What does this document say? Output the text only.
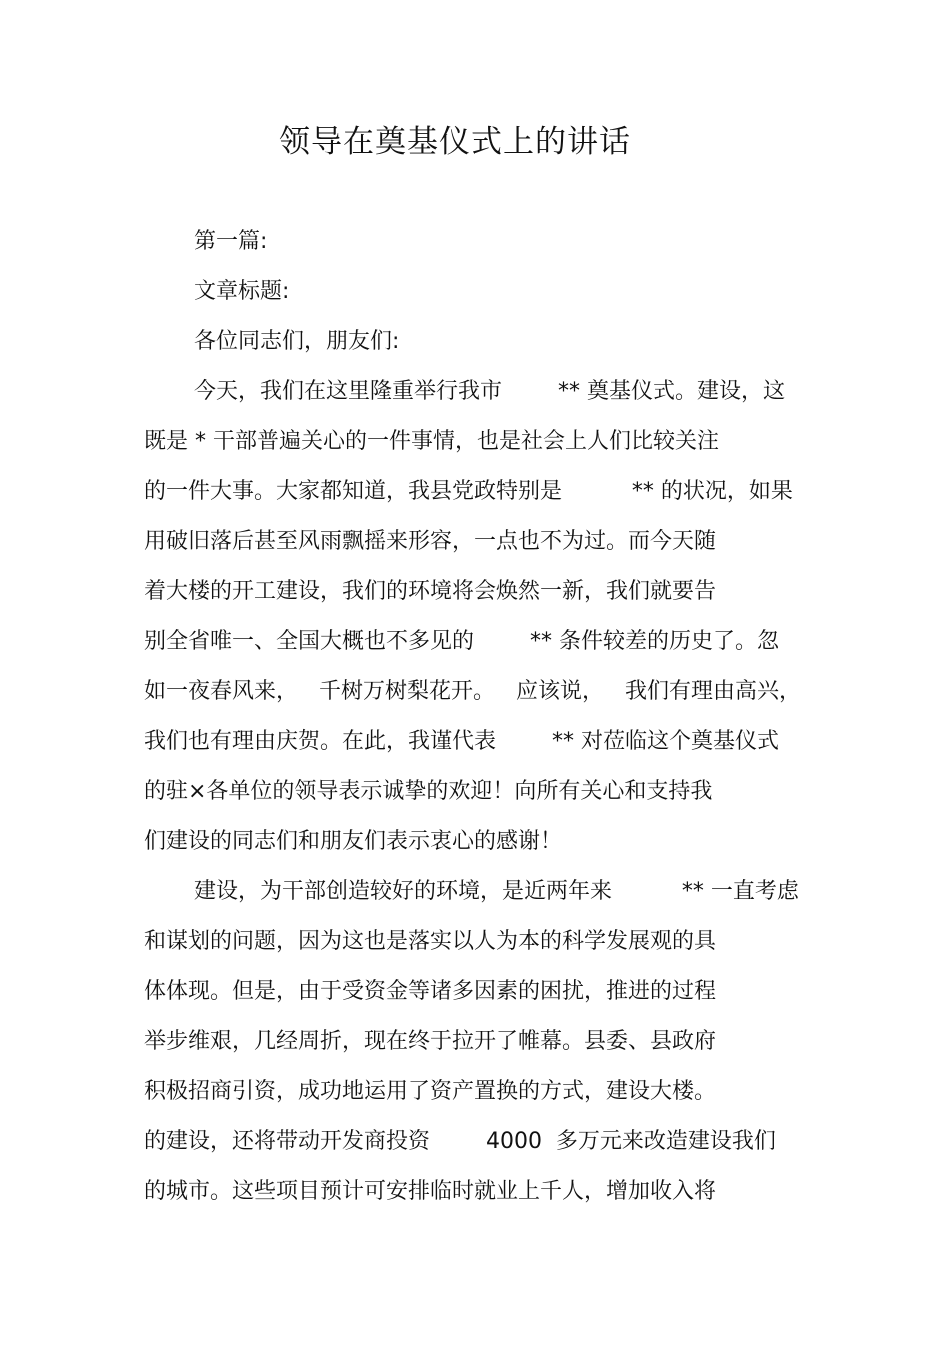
领导在奠基仪式上的讲话
第一篇:
文章标题:
各位同志们，朋友们:
今天，我们在这里隆重举行我市        ** 奠基仪式。建设，这
既是 * 干部普遍关心的一件事情，也是社会上人们比较关注
的一件大事。大家都知道，我县党政特别是          ** 的状况，如果
用破旧落后甚至风雨飘摇来形容，一点也不为过。而今天随
着大楼的开工建设，我们的环境将会焕然一新，我们就要告
别全省唯一、全国大概也不多见的        ** 条件较差的历史了。忽
如一夜春风来，   千树万树梨花开。   应该说，   我们有理由高兴，
我们也有理由庆贺。在此，我谨代表        ** 对莅临这个奠基仪式
的驻×各单位的领导表示诚挚的欢迎！向所有关心和支持我
们建设的同志们和朋友们表示衷心的感谢！
建设，为干部创造较好的环境，是近两年来          ** 一直考虑
和谋划的问题，因为这也是落实以人为本的科学发展观的具
体体现。但是，由于受资金等诸多因素的困扰，推进的过程
举步维艰，几经周折，现在终于拉开了帷幕。县委、县政府
积极招商引资，成功地运用了资产置换的方式，建设大楼。
的建设，还将带动开发商投资        4000  多万元来改造建设我们
的城市。这些项目预计可安排临时就业上千人，增加收入将
